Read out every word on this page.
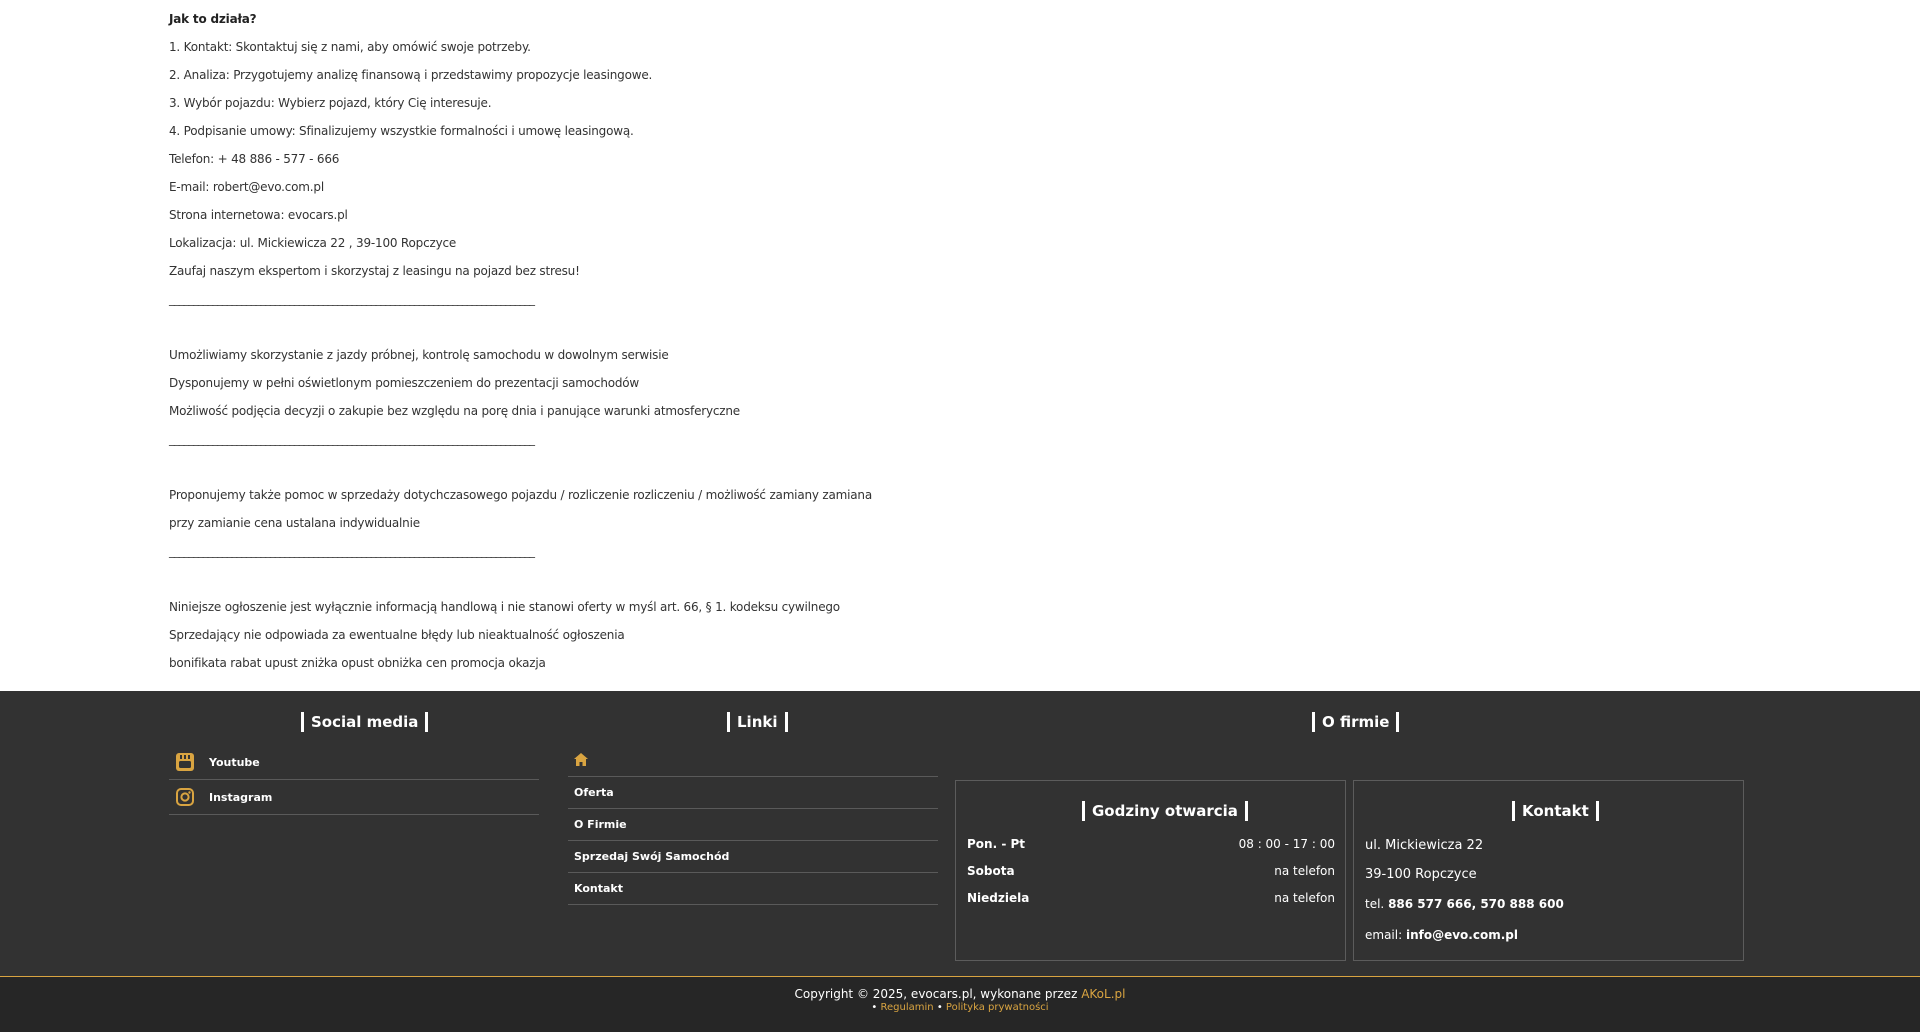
Jak to działa?

1. Kontakt: Skontaktuj się z nami, aby omówić swoje potrzeby.

2. Analiza: Przygotujemy analizę finansową i przedstawimy propozycje leasingowe.

3. Wybór pojazdu: Wybierz pojazd, który Cię interesuje.

4. Podpisanie umowy: Sfinalizujemy wszystkie formalności i umowę leasingową.

Telefon: + 48 886 - 577 - 666

E-mail: robert@evo.com.pl

Strona internetowa: evocars.pl

Lokalizacja: ul. Mickiewicza 22 , 39-100 Ropczyce

Zaufaj naszym ekspertom i skorzystaj z leasingu na pojazd bez stresu!

____________________________________________________________________________

Umożliwiamy skorzystanie z jazdy próbnej, kontrolę samochodu w dowolnym serwisie

Dysponujemy w pełni oświetlonym pomieszczeniem do prezentacji samochodów

Możliwość podjęcia decyzji o zakupie bez względu na porę dnia i panujące warunki atmosferyczne

____________________________________________________________________________

Proponujemy także pomoc w sprzedaży dotychczasowego pojazdu / rozliczenie rozliczeniu / możliwość zamiany zamiana

przy zamianie cena ustalana indywidualnie

____________________________________________________________________________

Niniejsze ogłoszenie jest wyłącznie informacją handlową i nie stanowi oferty w myśl art. 66, § 1. kodeksu cywilnego

Sprzedający nie odpowiada za ewentualne błędy lub nieaktualność ogłoszenia

bonifikata rabat upust zniżka opust obniżka cen promocja okazja

Social media
Youtube
Instagram
Linki
Oferta
O Firmie
Sprzedaj Swój Samochód
Kontakt
O firmie
Godziny otwarcia
Pon. - Pt	08 : 00 - 17 : 00
Sobota	na telefon
Niedziela	na telefon
Kontakt
ul. Mickiewicza 22
39-100 Ropczyce
tel. 886 577 666, 570 888 600
email: info@evo.com.pl
Copyright © 2025, evocars.pl, wykonane przez AKoL.pl
• Regulamin • Polityka prywatności
